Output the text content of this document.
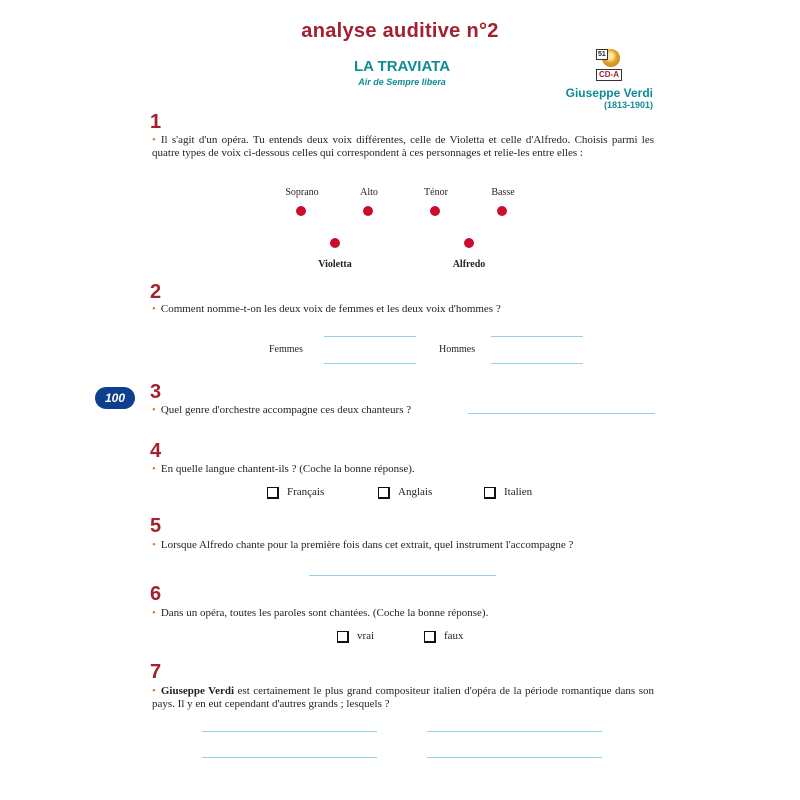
analyse auditive n°2
LA TRAVIATA
Air de Sempre libera
51
CD-A
Giuseppe Verdi
(1813-1901)
100
1
• Il s'agit d'un opéra. Tu entends deux voix différentes, celle de Violetta et celle d'Alfredo. Choisis parmi les quatre types de voix ci-dessous celles qui correspondent à ces personnages et relie-les entre elles :
Soprano	Alto	Ténor	Basse
Violetta	Alfredo
2
• Comment nomme-t-on les deux voix de femmes et les deux voix d'hommes ?
Femmes	Hommes
3
• Quel genre d'orchestre accompagne ces deux chanteurs ?
4
• En quelle langue chantent-ils ? (Coche la bonne réponse).
Français	Anglais	Italien
5
• Lorsque Alfredo chante pour la première fois dans cet extrait, quel instrument l'accompagne ?
6
• Dans un opéra, toutes les paroles sont chantées. (Coche la bonne réponse).
vrai	faux
7
• Giuseppe Verdi est certainement le plus grand compositeur italien d'opéra de la période romantique dans son pays. Il y en eut cependant d'autres grands ; lesquels ?
